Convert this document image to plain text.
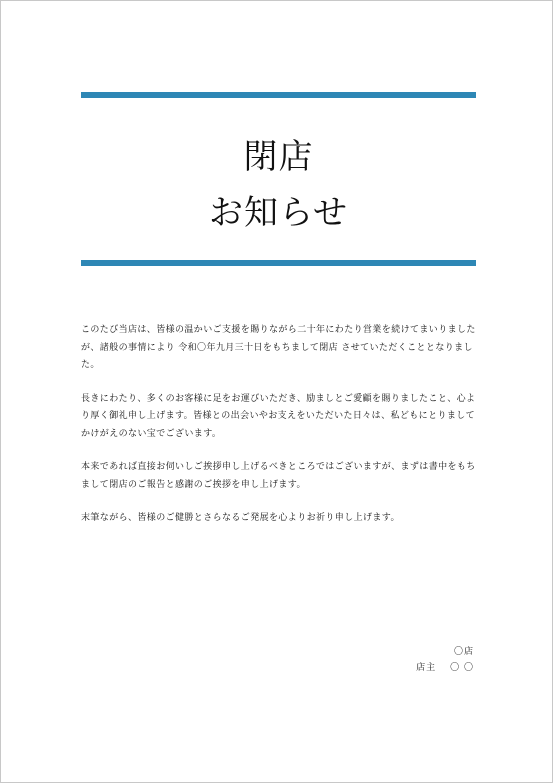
閉店
お知らせ

このたび当店は、皆様の温かいご支援を賜りながら二十年にわたり営業を続けてまいりましたが、諸般の事情により 令和〇年九月三十日をもちまして閉店 させていただくこととなりました。

長きにわたり、多くのお客様に足をお運びいただき、励ましとご愛顧を賜りましたこと、心より厚く御礼申し上げます。皆様との出会いやお支えをいただいた日々は、私どもにとりましてかけがえのない宝でございます。

本来であれば直接お伺いしご挨拶申し上げるべきところではございますが、まずは書中をもちまして閉店のご報告と感謝のご挨拶を申し上げます。

末筆ながら、皆様のご健勝とさらなるご発展を心よりお祈り申し上げます。

〇店
店主 〇 〇
